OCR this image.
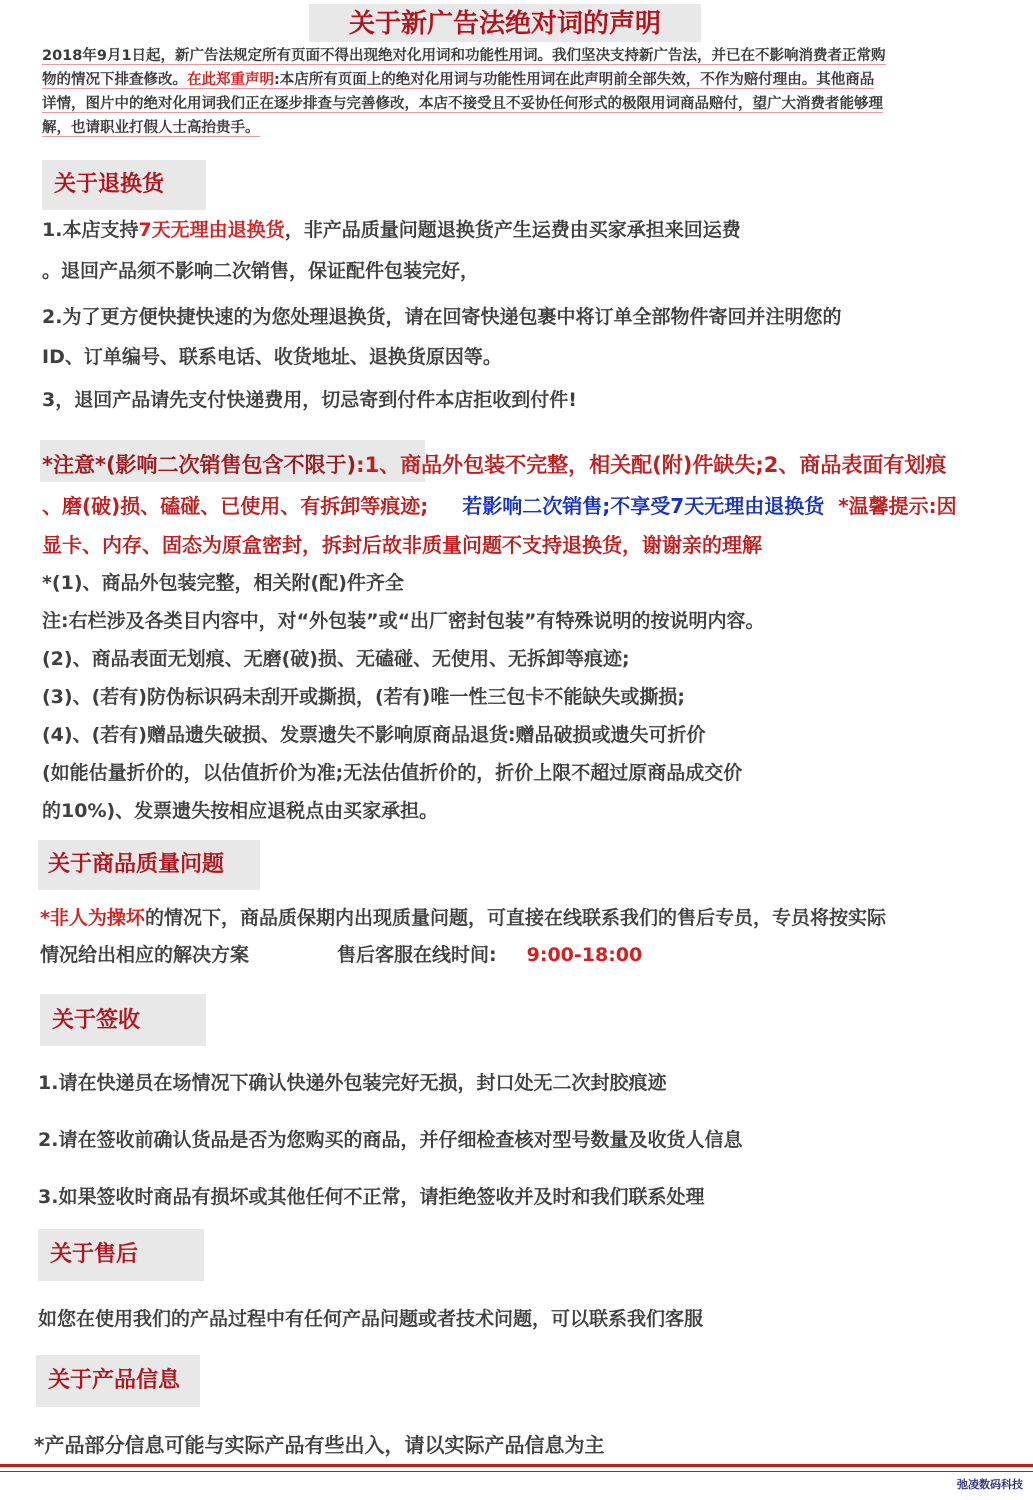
关于新广告法绝对词的声明
2018年9月1日起，新广告法规定所有页面不得出现绝对化用词和功能性用词。我们坚决支持新广告法，并已在不影响消费者正常购
物的情况下排查修改。在此郑重声明:本店所有页面上的绝对化用词与功能性用词在此声明前全部失效，不作为赔付理由。其他商品
详情，图片中的绝对化用词我们正在逐步排查与完善修改，本店不接受且不妥协任何形式的极限用词商品赔付，望广大消费者能够理
解，也请职业打假人士高抬贵手。
关于退换货
1.本店支持7天无理由退换货，非产品质量问题退换货产生运费由买家承担来回运费
。退回产品须不影响二次销售，保证配件包装完好，
2.为了更方便快捷快速的为您处理退换货，请在回寄快递包裹中将订单全部物件寄回并注明您的
ID、订单编号、联系电话、收货地址、退换货原因等。
3，退回产品请先支付快递费用，切忌寄到付件本店拒收到付件!
*注意*(影响二次销售包含不限于):1、商品外包装不完整，相关配(附)件缺失;2、商品表面有划痕
、磨(破)损、磕碰、已使用、有拆卸等痕迹; 若影响二次销售;不享受7天无理由退换货 *温馨提示:因
显卡、内存、固态为原盒密封，拆封后故非质量问题不支持退换货，谢谢亲的理解
*(1)、商品外包装完整，相关附(配)件齐全
注:右栏涉及各类目内容中，对“外包装”或“出厂密封包装”有特殊说明的按说明内容。
(2)、商品表面无划痕、无磨(破)损、无磕碰、无使用、无拆卸等痕迹;
(3)、(若有)防伪标识码未刮开或撕损，(若有)唯一性三包卡不能缺失或撕损;
(4)、(若有)赠品遗失破损、发票遗失不影响原商品退货:赠品破损或遗失可折价
(如能估量折价的，以估值折价为准;无法估值折价的，折价上限不超过原商品成交价
的10%)、发票遗失按相应退税点由买家承担。
关于商品质量问题
*非人为操坏的情况下，商品质保期内出现质量问题，可直接在线联系我们的售后专员，专员将按实际
情况给出相应的解决方案	售后客服在线时间: 9:00-18:00
关于签收
1.请在快递员在场情况下确认快递外包装完好无损，封口处无二次封胶痕迹
2.请在签收前确认货品是否为您购买的商品，并仔细检查核对型号数量及收货人信息
3.如果签收时商品有损坏或其他任何不正常，请拒绝签收并及时和我们联系处理
关于售后
如您在使用我们的产品过程中有任何产品问题或者技术问题，可以联系我们客服
关于产品信息
*产品部分信息可能与实际产品有些出入，请以实际产品信息为主
弛凌数码科技
